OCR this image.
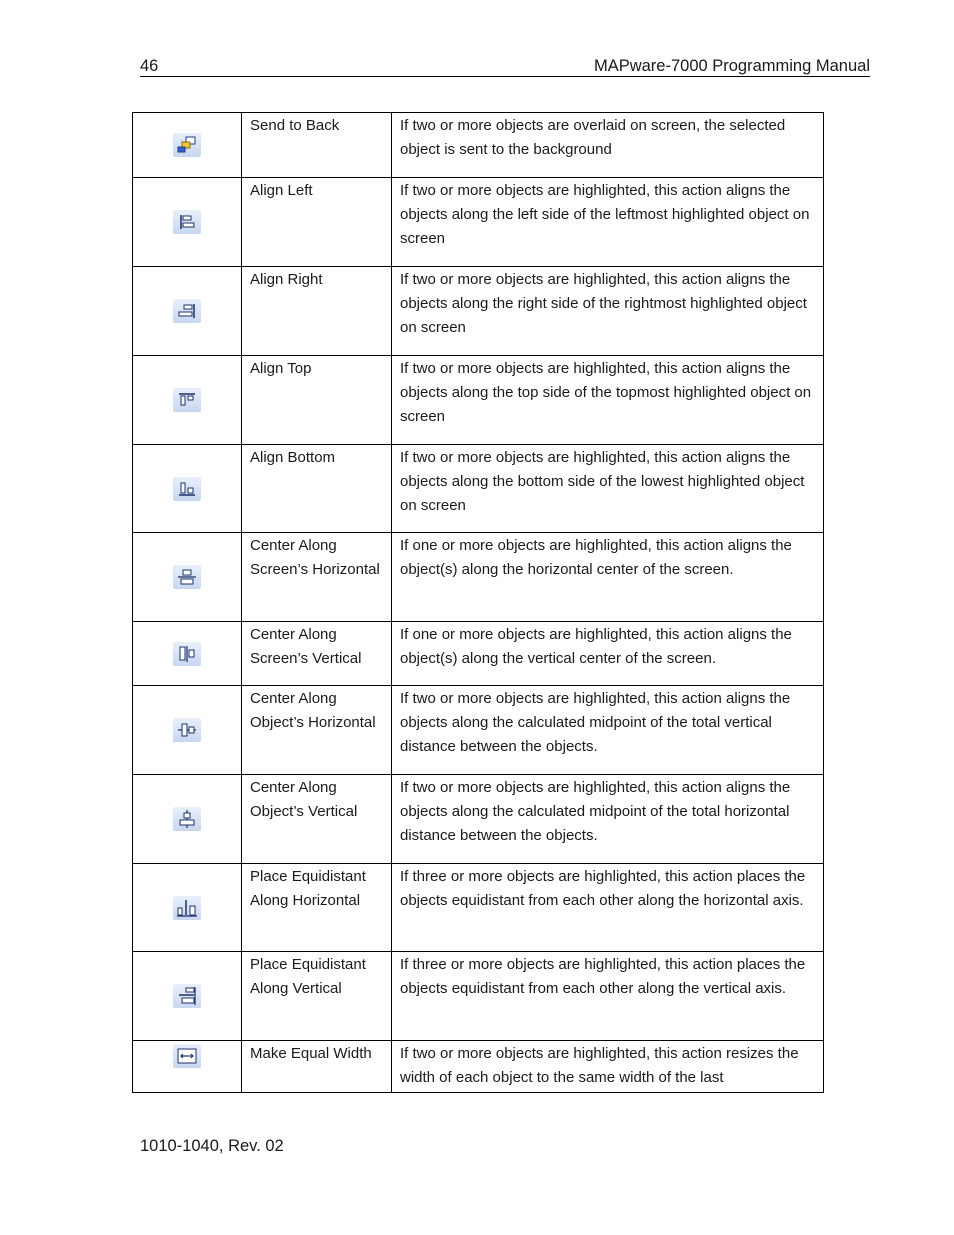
46	MAPware-7000 Programming Manual
	Send to Back	If two or more objects are overlaid on screen, the selected object is sent to the background

	Align Left	If two or more objects are highlighted, this action aligns the objects along the left side of the leftmost highlighted object on screen

	Align Right	If two or more objects are highlighted, this action aligns the objects along the right side of the rightmost highlighted object on screen

	Align Top	If two or more objects are highlighted, this action aligns the objects along the top side of the topmost highlighted object on screen

	Align Bottom	If two or more objects are highlighted, this action aligns the objects along the bottom side of the lowest highlighted object on screen

	Center Along Screen’s Horizontal	If one or more objects are highlighted, this action aligns the object(s) along the horizontal center of the screen.

	Center Along Screen’s Vertical	If one or more objects are highlighted, this action aligns the object(s) along the vertical center of the screen.

	Center Along Object’s Horizontal	If two or more objects are highlighted, this action aligns the objects along the calculated midpoint of the total vertical distance between the objects.

	Center Along Object’s Vertical	If two or more objects are highlighted, this action aligns the objects along the calculated midpoint of the total horizontal distance between the objects.

	Place Equidistant Along Horizontal	If three or more objects are highlighted, this action places the objects equidistant from each other along the horizontal axis.

	Place Equidistant Along Vertical	If three or more objects are highlighted, this action places the objects equidistant from each other along the vertical axis.

	Make Equal Width	If two or more objects are highlighted, this action resizes the width of each object to the same width of the last
1010-1040, Rev. 02
